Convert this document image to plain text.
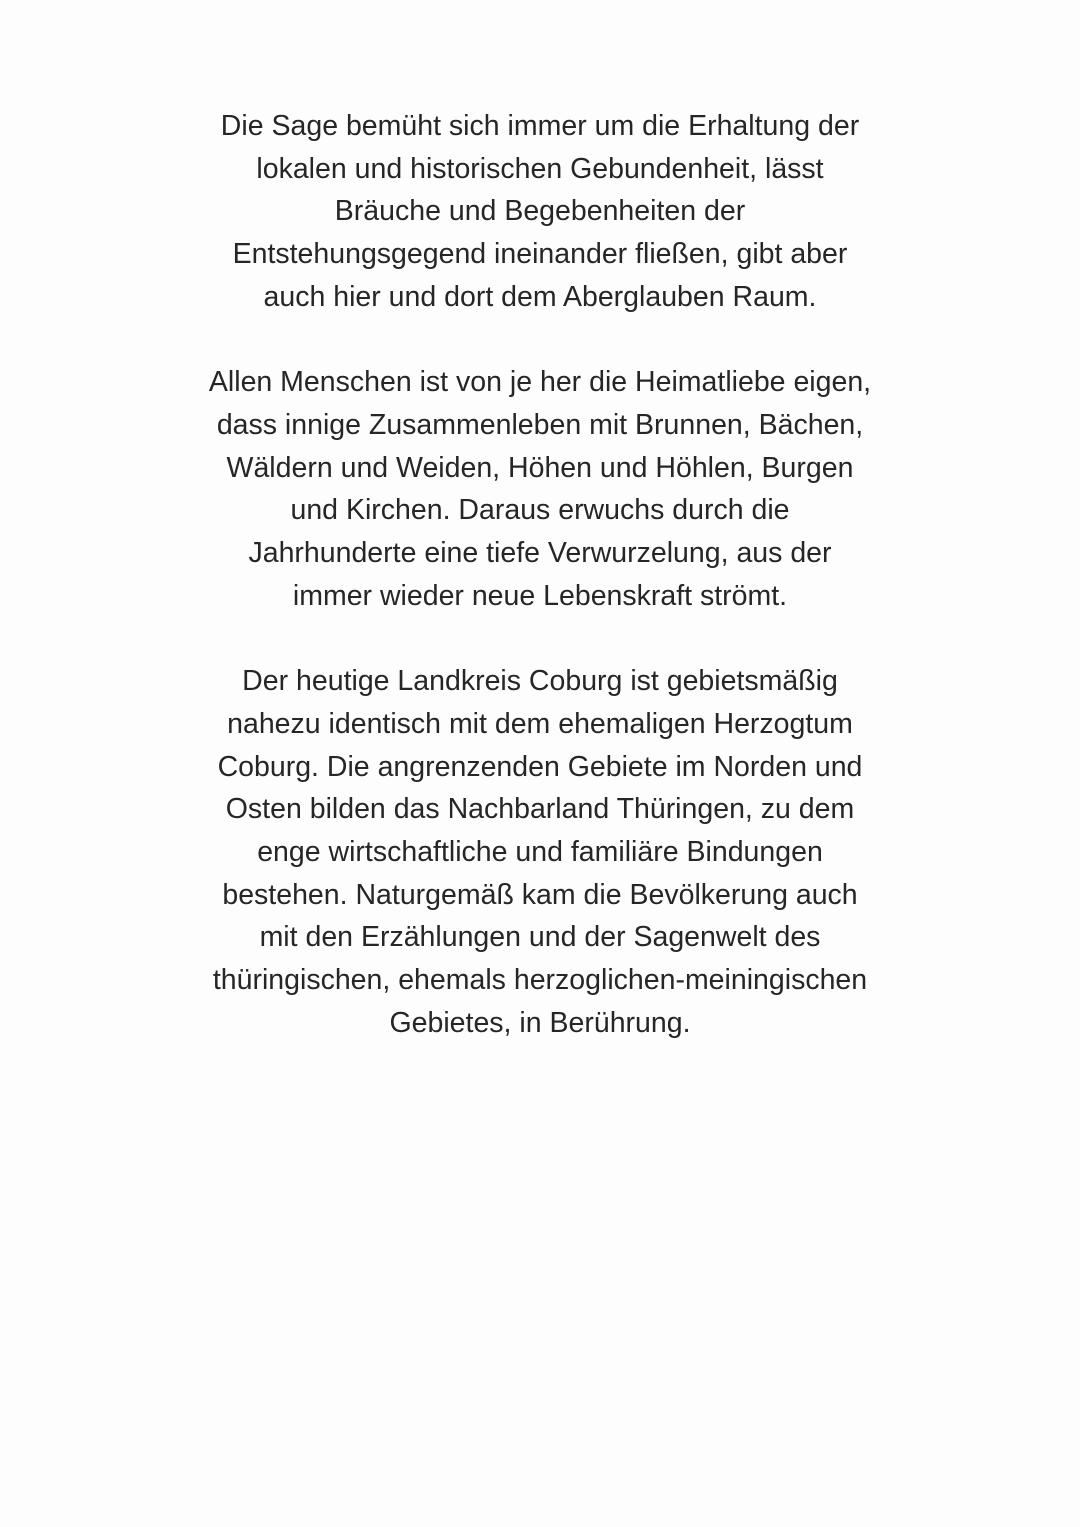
Die Sage bemüht sich immer um die Erhaltung der
lokalen und historischen Gebundenheit, lässt
Bräuche und Begebenheiten der
Entstehungsgegend ineinander fließen, gibt aber
auch hier und dort dem Aberglauben Raum.

Allen Menschen ist von je her die Heimatliebe eigen,
dass innige Zusammenleben mit Brunnen, Bächen,
Wäldern und Weiden, Höhen und Höhlen, Burgen
und Kirchen. Daraus erwuchs durch die
Jahrhunderte eine tiefe Verwurzelung, aus der
immer wieder neue Lebenskraft strömt.

Der heutige Landkreis Coburg ist gebietsmäßig
nahezu identisch mit dem ehemaligen Herzogtum
Coburg. Die angrenzenden Gebiete im Norden und
Osten bilden das Nachbarland Thüringen, zu dem
enge wirtschaftliche und familiäre Bindungen
bestehen. Naturgemäß kam die Bevölkerung auch
mit den Erzählungen und der Sagenwelt des
thüringischen, ehemals herzoglichen-meiningischen
Gebietes, in Berührung.
